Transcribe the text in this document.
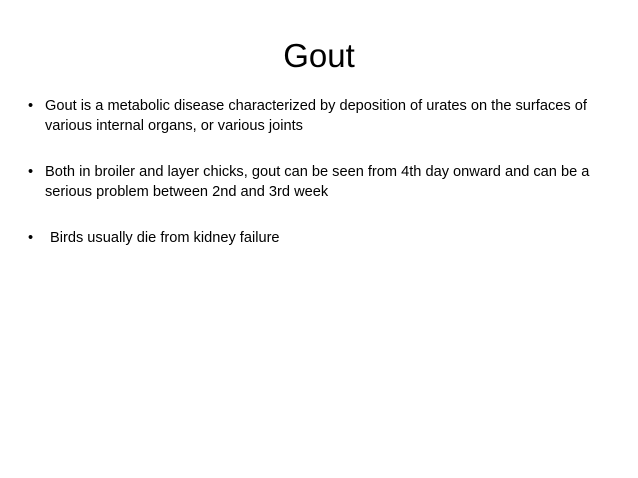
Gout
• Gout is a metabolic disease characterized by deposition of urates on the surfaces of various internal organs, or various joints
• Both in broiler and layer chicks, gout can be seen from 4th day onward and can be a serious problem between 2nd and 3rd week
• Birds usually die from kidney failure
